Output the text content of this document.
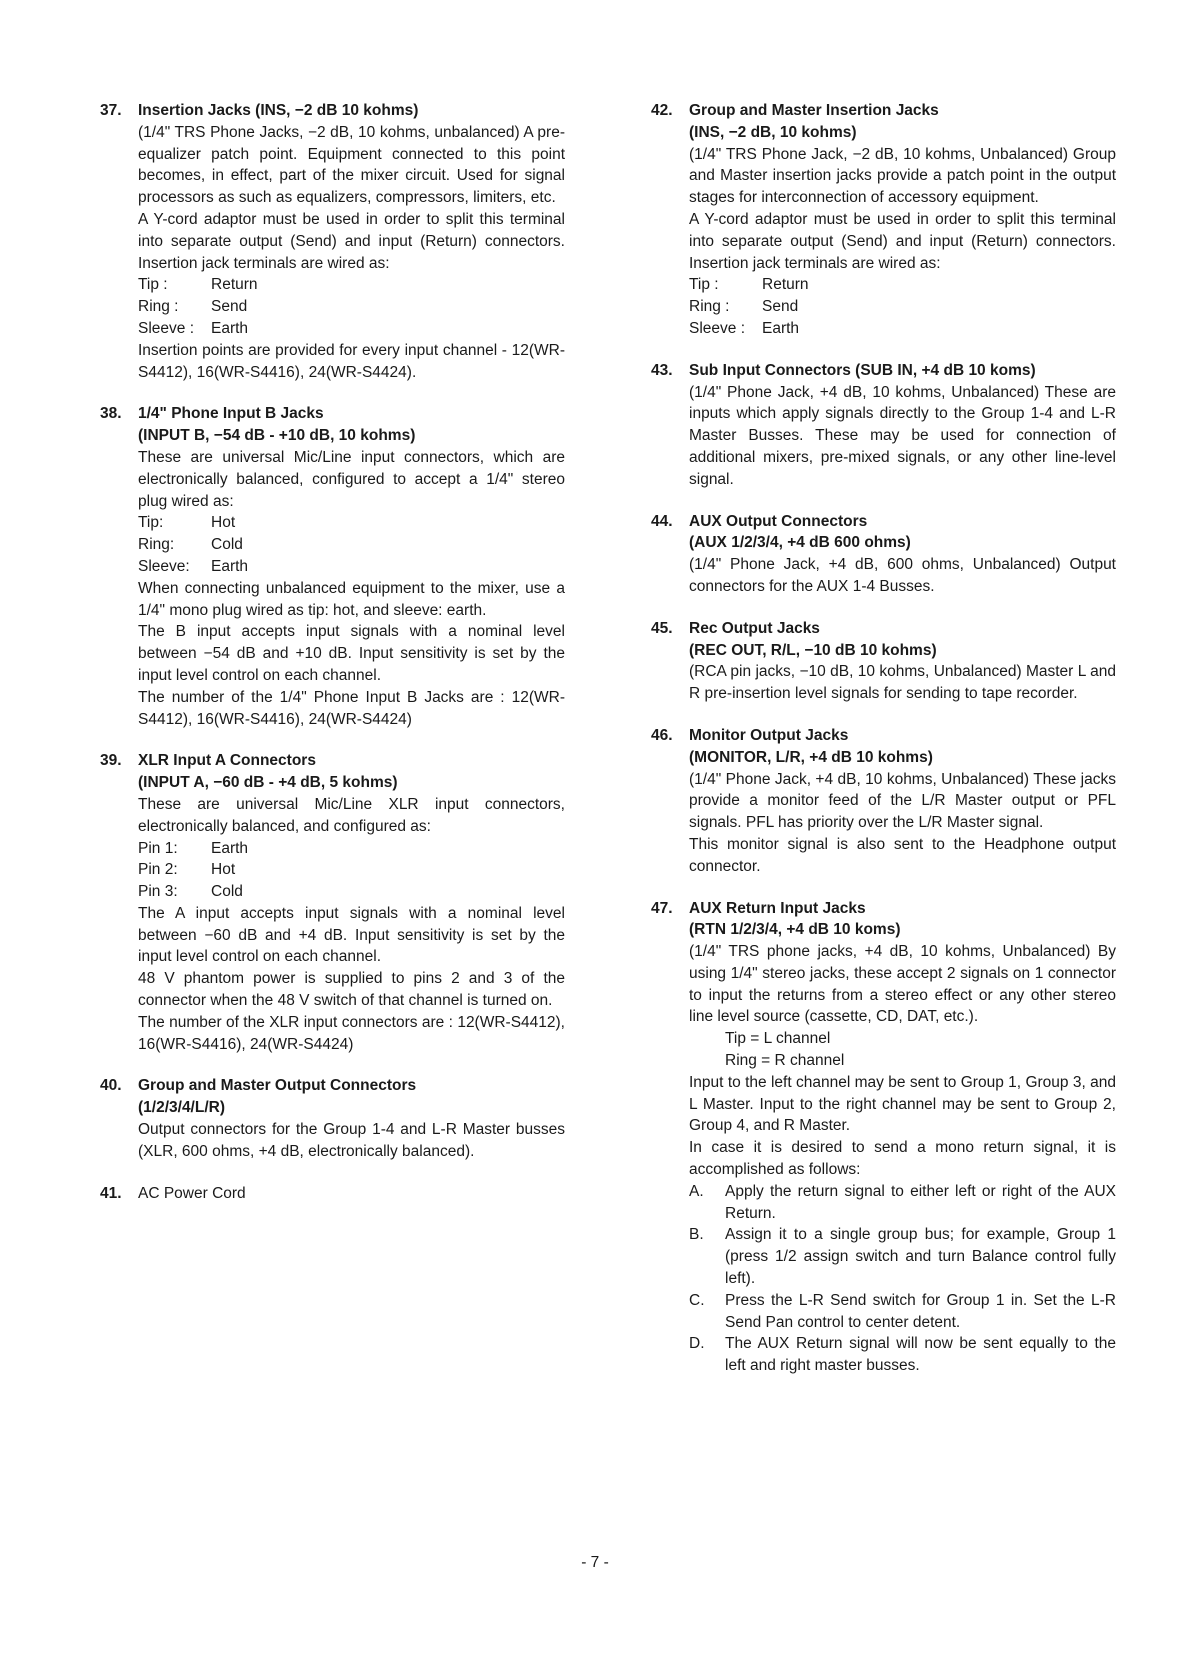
37. Insertion Jacks (INS, −2 dB 10 kohms)
(1/4" TRS Phone Jacks, −2 dB, 10 kohms, unbalanced) A pre-equalizer patch point. Equipment connected to this point becomes, in effect, part of the mixer circuit. Used for signal processors as such as equalizers, compressors, limiters, etc.
A Y-cord adaptor must be used in order to split this terminal into separate output (Send) and input (Return) connectors. Insertion jack terminals are wired as:
Tip :	Return
Ring :	Send
Sleeve :	Earth
Insertion points are provided for every input channel - 12(WR-S4412), 16(WR-S4416), 24(WR-S4424).
38. 1/4" Phone Input B Jacks
(INPUT B, −54 dB - +10 dB, 10 kohms)
These are universal Mic/Line input connectors, which are electronically balanced, configured to accept a 1/4" stereo plug wired as:
Tip:	Hot
Ring:	Cold
Sleeve:	Earth
When connecting unbalanced equipment to the mixer, use a 1/4" mono plug wired as tip: hot, and sleeve: earth.
The B input accepts input signals with a nominal level between −54 dB and +10 dB. Input sensitivity is set by the input level control on each channel.
The number of the 1/4" Phone Input B Jacks are : 12(WR-S4412), 16(WR-S4416), 24(WR-S4424)
39. XLR Input A Connectors
(INPUT A, −60 dB - +4 dB, 5 kohms)
These are universal Mic/Line XLR input connectors, electronically balanced, and configured as:
Pin 1:	Earth
Pin 2:	Hot
Pin 3:	Cold
The A input accepts input signals with a nominal level between −60 dB and +4 dB. Input sensitivity is set by the input level control on each channel.
48 V phantom power is supplied to pins 2 and 3 of the connector when the 48 V switch of that channel is turned on.
The number of the XLR input connectors are : 12(WR-S4412), 16(WR-S4416), 24(WR-S4424)
40. Group and Master Output Connectors
(1/2/3/4/L/R)
Output connectors for the Group 1-4 and L-R Master busses (XLR, 600 ohms, +4 dB, electronically balanced).
41. AC Power Cord
42. Group and Master Insertion Jacks
(INS, −2 dB, 10 kohms)
(1/4" TRS Phone Jack, −2 dB, 10 kohms, Unbalanced) Group and Master insertion jacks provide a patch point in the output stages for interconnection of accessory equipment.
A Y-cord adaptor must be used in order to split this terminal into separate output (Send) and input (Return) connectors. Insertion jack terminals are wired as:
Tip :	Return
Ring :	Send
Sleeve :	Earth
43. Sub Input Connectors (SUB IN, +4 dB 10 koms)
(1/4" Phone Jack, +4 dB, 10 kohms, Unbalanced) These are inputs which apply signals directly to the Group 1-4 and L-R Master Busses. These may be used for connection of additional mixers, pre-mixed signals, or any other line-level signal.
44. AUX Output Connectors
(AUX 1/2/3/4, +4 dB 600 ohms)
(1/4" Phone Jack, +4 dB, 600 ohms, Unbalanced) Output connectors for the AUX 1-4 Busses.
45. Rec Output Jacks
(REC OUT, R/L, −10 dB 10 kohms)
(RCA pin jacks, −10 dB, 10 kohms, Unbalanced) Master L and R pre-insertion level signals for sending to tape recorder.
46. Monitor Output Jacks
(MONITOR, L/R, +4 dB 10 kohms)
(1/4" Phone Jack, +4 dB, 10 kohms, Unbalanced) These jacks provide a monitor feed of the L/R Master output or PFL signals. PFL has priority over the L/R Master signal.
This monitor signal is also sent to the Headphone output connector.
47. AUX Return Input Jacks
(RTN 1/2/3/4, +4 dB 10 koms)
(1/4" TRS phone jacks, +4 dB, 10 kohms, Unbalanced) By using 1/4" stereo jacks, these accept 2 signals on 1 connector to input the returns from a stereo effect or any other stereo line level source (cassette, CD, DAT, etc.).
Tip = L channel
Ring = R channel
Input to the left channel may be sent to Group 1, Group 3, and L Master. Input to the right channel may be sent to Group 2, Group 4, and R Master.
In case it is desired to send a mono return signal, it is accomplished as follows:
A.	Apply the return signal to either left or right of the AUX Return.
B.	Assign it to a single group bus; for example, Group 1 (press 1/2 assign switch and turn Balance control fully left).
C.	Press the L-R Send switch for Group 1 in. Set the L-R Send Pan control to center detent.
D.	The AUX Return signal will now be sent equally to the left and right master busses.
- 7 -
